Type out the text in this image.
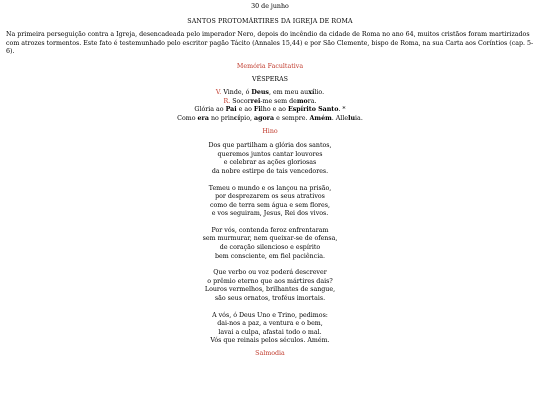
30 de junho

SANTOS PROTOMÁRTIRES DA IGREJA DE ROMA

Na primeira perseguição contra a Igreja, desencadeada pelo imperador Nero, depois do incêndio da cidade de Roma no ano 64, muitos cristãos foram martirizados com atrozes tormentos. Este fato é testemunhado pelo escritor pagão Tácito (Annales 15,44) e por São Clemente, bispo de Roma, na sua Carta aos Coríntios (cap. 5-6).

Memória Facultativa

VÉSPERAS

V. Vinde, ó Deus, em meu auxílio.
R. Socorrei-me sem demora.
Glória ao Pai e ao Filho e ao Espírito Santo. *
Como era no princípio, agora e sempre. Amém. Alleluia.

Hino

Dos que partilham a glória dos santos,
queremos juntos cantar louvores
e celebrar as ações gloriosas
da nobre estirpe de tais vencedores.
Temeu o mundo e os lançou na prisão,
por desprezarem os seus atrativos
como de terra sem água e sem flores,
e vos seguiram, Jesus, Rei dos vivos.
Por vós, contenda feroz enfrentaram
sem murmurar, nem queixar-se de ofensa,
de coração silencioso e espírito
bem consciente, em fiel paciência.
Que verbo ou voz poderá descrever
o prêmio eterno que aos mártires dais?
Louros vermelhos, brilhantes de sangue,
são seus ornatos, troféus imortais.
A vós, ó Deus Uno e Trino, pedimos:
dai-nos a paz, a ventura e o bem,
lavai a culpa, afastai todo o mal.
Vós que reinais pelos séculos. Amém.

Salmodia
